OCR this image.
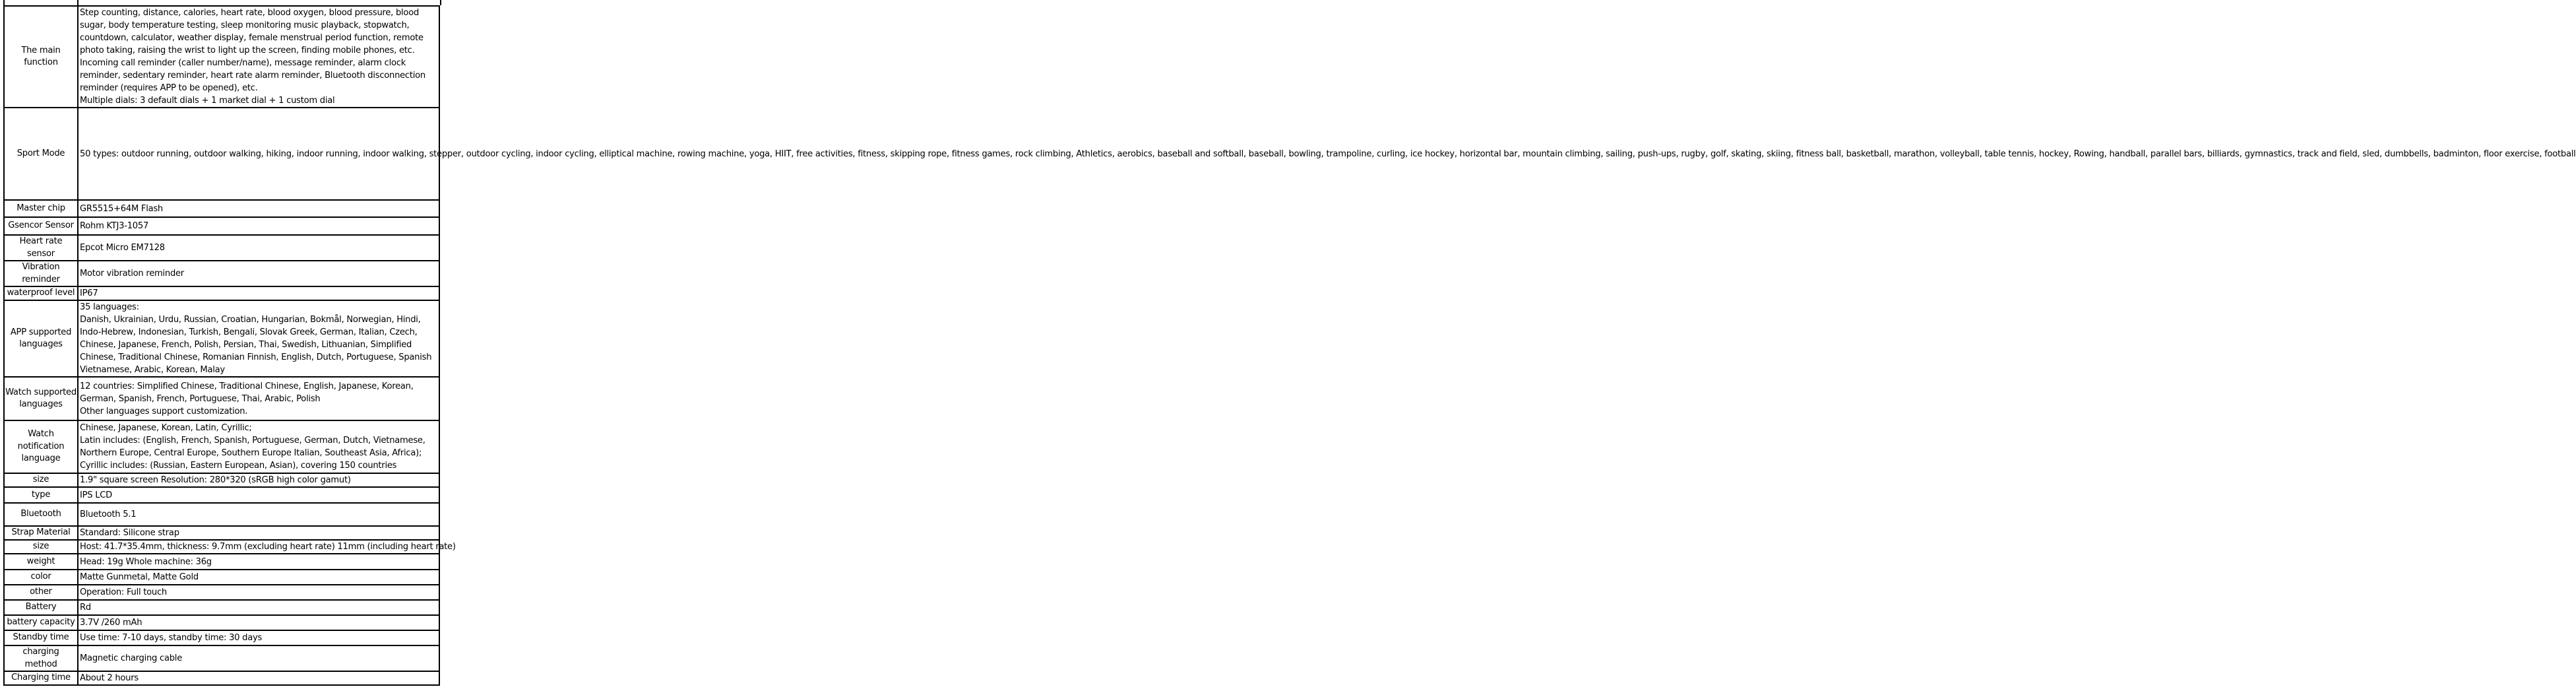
The main function	Step counting, distance, calories, heart rate, blood oxygen, blood pressure, blood sugar, body temperature testing, sleep monitoring music playback, stopwatch, countdown, calculator, weather display, female menstrual period function, remote photo taking, raising the wrist to light up the screen, finding mobile phones, etc.
Incoming call reminder (caller number/name), message reminder, alarm clock reminder, sedentary reminder, heart rate alarm reminder, Bluetooth disconnection reminder (requires APP to be opened), etc.
Multiple dials: 3 default dials + 1 market dial + 1 custom dial

Sport Mode	50 types: outdoor running, outdoor walking, hiking, indoor running, indoor walking, stepper, outdoor cycling, indoor cycling, elliptical machine, rowing machine, yoga, HIIT, free activities, fitness, skipping rope, fitness games, rock climbing, Athletics, aerobics, baseball and softball, baseball, bowling, trampoline, curling, ice hockey, horizontal bar, mountain climbing, sailing, push-ups, rugby, golf, skating, skiing, fitness ball, basketball, marathon, volleyball, table tennis, hockey, Rowing, handball, parallel bars, billiards, gymnastics, track and field, sled, dumbbells, badminton, floor exercise, football

Master chip	GR5515+64M Flash

Gsencor Sensor	Rohm KTJ3-1057

Heart rate sensor	Epcot Micro EM7128

Vibration reminder	Motor vibration reminder

waterproof level	IP67

APP supported languages	35 languages:
Danish, Ukrainian, Urdu, Russian, Croatian, Hungarian, Bokmål, Norwegian, Hindi, Indo-Hebrew, Indonesian, Turkish, Bengali, Slovak Greek, German, Italian, Czech, Chinese, Japanese, French, Polish, Persian, Thai, Swedish, Lithuanian, Simplified Chinese, Traditional Chinese, Romanian Finnish, English, Dutch, Portuguese, Spanish Vietnamese, Arabic, Korean, Malay

Watch supported languages	12 countries: Simplified Chinese, Traditional Chinese, English, Japanese, Korean, German, Spanish, French, Portuguese, Thai, Arabic, Polish
Other languages support customization.

Watch notification language	Chinese, Japanese, Korean, Latin, Cyrillic;
Latin includes: (English, French, Spanish, Portuguese, German, Dutch, Vietnamese, Northern Europe, Central Europe, Southern Europe Italian, Southeast Asia, Africa);
Cyrillic includes: (Russian, Eastern European, Asian), covering 150 countries

size	1.9" square screen Resolution: 280*320 (sRGB high color gamut)

type	IPS LCD

Bluetooth	Bluetooth 5.1

Strap Material	Standard: Silicone strap

size	Host: 41.7*35.4mm, thickness: 9.7mm (excluding heart rate) 11mm (including heart rate)

weight	Head: 19g Whole machine: 36g

color	Matte Gunmetal, Matte Gold

other	Operation: Full touch

Battery	Rd

battery capacity	3.7V /260 mAh

Standby time	Use time: 7-10 days, standby time: 30 days

charging method	Magnetic charging cable

Charging time	About 2 hours
